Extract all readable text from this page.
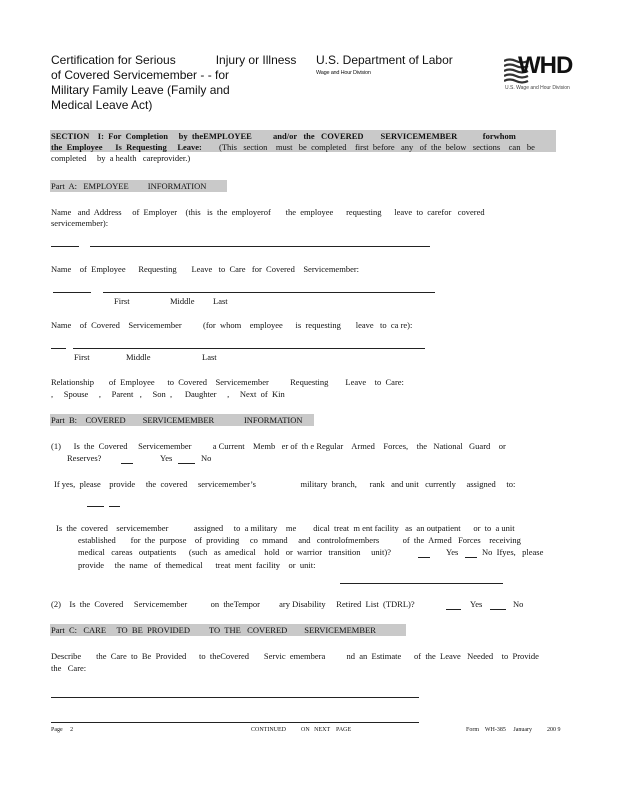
Certification for Serious            Injury or Illness
of Covered Servicemember - - for
Military Family Leave (Family and
Medical Leave Act)
U.S. Department of Labor
Wage and Hour Division	WHD
U.S. Wage and Hour Division
SECTION    I:  For  Completion     by  theEMPLOYEE          and/or   the   COVERED        SERVICEMEMBER            forwhom
the  Employee      Is  Requesting     Leave: (This   section    must   be  completed    first  before   any   of  the  below   sections    can   be
completed     by  a health   careprovider.)
Part  A:   EMPLOYEE         INFORMATION
Name   and  Address     of  Employer    (this   is  the  employerof       the  employee      requesting      leave  to  carefor   covered
servicemember):
Name    of  Employee      Requesting       Leave   to  Care   for  Covered    Servicemember:
First	Middle Last
Name    of  Covered    Servicemember          (for  whom    employee      is  requesting       leave   to  ca re):
First	Middle	Last
Relationship       of  Employee      to  Covered    Servicemember          Requesting        Leave    to  Care:
,     Spouse     ,     Parent   ,     Son  ,      Daughter     ,     Next  of  Kin
Part  B:    COVERED        SERVICEMEMBER              INFORMATION
(1)      Is  the  Covered     Servicemember          a Current    Memb   er of  th e Regular    Armed    Forces,    the   National   Guard    or
Reserves?	Yes	No
If yes,  please    provide     the  covered     servicemember’s                     military  branch,      rank   and unit   currently     assigned     to:
Is  the  covered    servicemember            assigned     to  a military    me        dical  treat  m ent facility   as  an outpatient      or  to  a unit
established       for  the  purpose    of  providing     co  mmand     and   controlofmembers           of  the  Armed   Forces    receiving
medical   careas   outpatients      (such   as  amedical    hold   or  warrior   transition     unit)?	Yes	No  Ifyes,   please
provide     the  name   of  themedical      treat  ment  facility    or  unit:
(2)    Is  the  Covered     Servicemember           on  theTempor         ary Disability     Retired  List  (TDRL)?	Yes	No
Part  C:   CARE     TO  BE  PROVIDED         TO  THE   COVERED        SERVICEMEMBER
Describe       the  Care  to  Be  Provided      to  theCovered       Servic  emembera          nd  an  Estimate      of  the  Leave   Needed    to  Provide
the   Care:
Page     2	CONTINUED          ON   NEXT    PAGE	Form    WH-385     January          200 9
